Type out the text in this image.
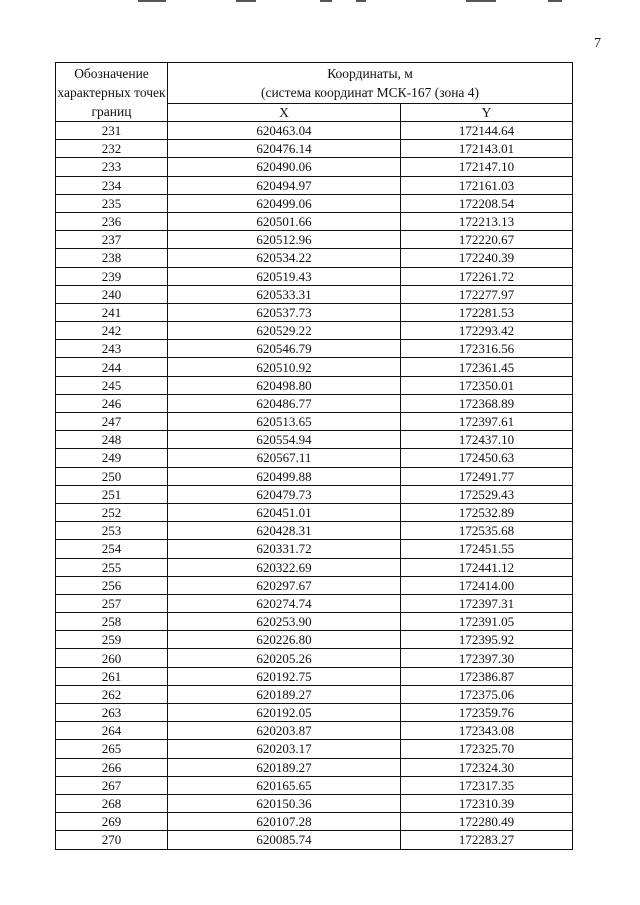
7
Обозначение характерных точек границ	Координаты, м
(система координат МСК-167 (зона 4)	
	X	Y
231	620463.04	172144.64
232	620476.14	172143.01
233	620490.06	172147.10
234	620494.97	172161.03
235	620499.06	172208.54
236	620501.66	172213.13
237	620512.96	172220.67
238	620534.22	172240.39
239	620519.43	172261.72
240	620533.31	172277.97
241	620537.73	172281.53
242	620529.22	172293.42
243	620546.79	172316.56
244	620510.92	172361.45
245	620498.80	172350.01
246	620486.77	172368.89
247	620513.65	172397.61
248	620554.94	172437.10
249	620567.11	172450.63
250	620499.88	172491.77
251	620479.73	172529.43
252	620451.01	172532.89
253	620428.31	172535.68
254	620331.72	172451.55
255	620322.69	172441.12
256	620297.67	172414.00
257	620274.74	172397.31
258	620253.90	172391.05
259	620226.80	172395.92
260	620205.26	172397.30
261	620192.75	172386.87
262	620189.27	172375.06
263	620192.05	172359.76
264	620203.87	172343.08
265	620203.17	172325.70
266	620189.27	172324.30
267	620165.65	172317.35
268	620150.36	172310.39
269	620107.28	172280.49
270	620085.74	172283.27
